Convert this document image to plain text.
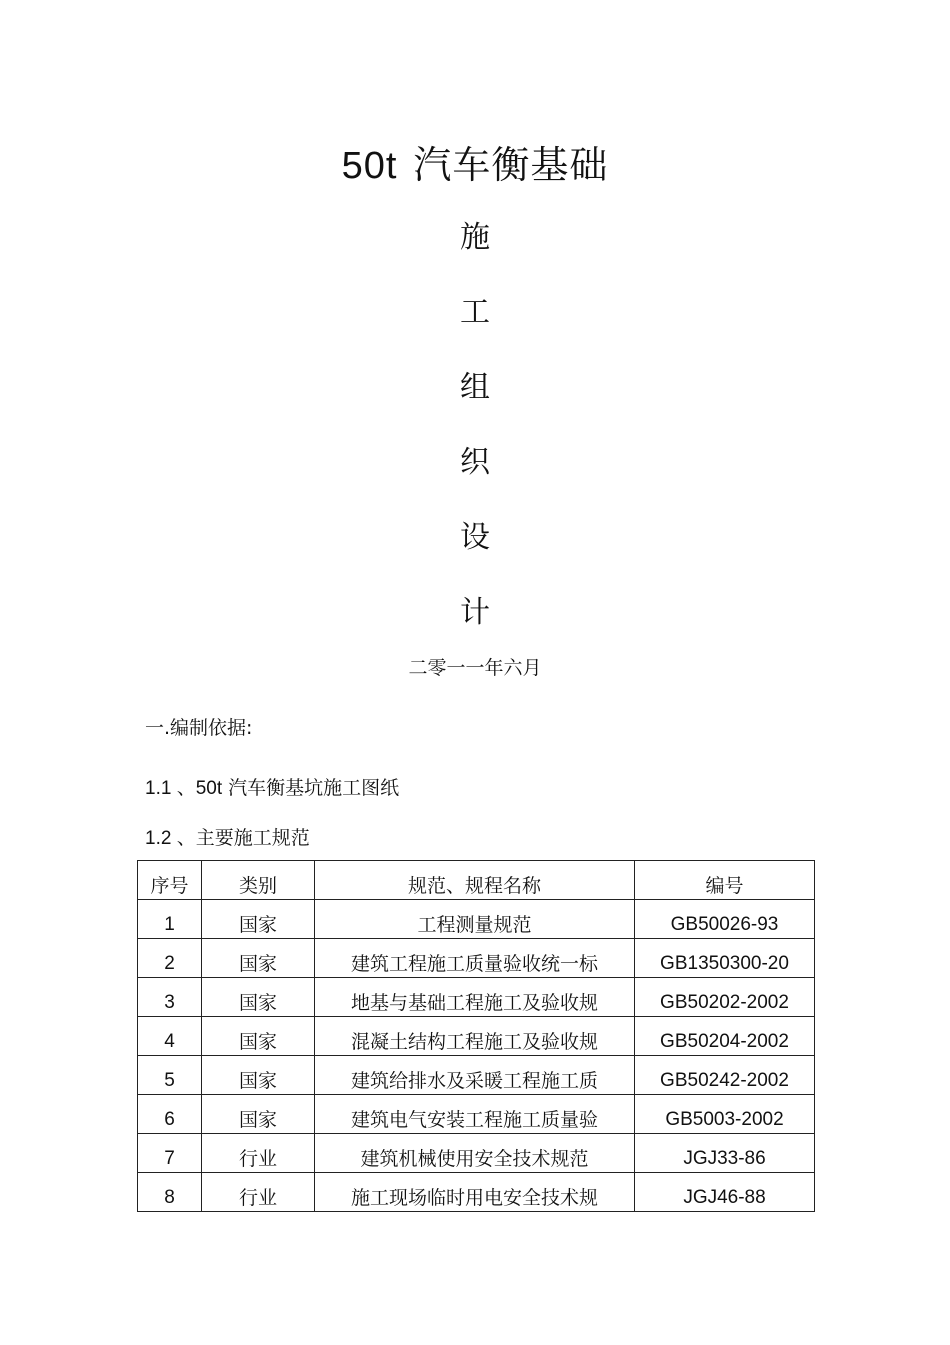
50t 汽车衡基础
施
工
组
织
设
计
二零一一年六月
一.编制依据:
1.1 、50t 汽车衡基坑施工图纸
1.2 、主要施工规范
序号	类别	规范、规程名称	编号
1	国家	工程测量规范	GB50026-93
2	国家	建筑工程施工质量验收统一标	GB1350300-20
3	国家	地基与基础工程施工及验收规	GB50202-2002
4	国家	混凝土结构工程施工及验收规	GB50204-2002
5	国家	建筑给排水及采暖工程施工质	GB50242-2002
6	国家	建筑电气安装工程施工质量验	GB5003-2002
7	行业	建筑机械使用安全技术规范	JGJ33-86
8	行业	施工现场临时用电安全技术规	JGJ46-88
